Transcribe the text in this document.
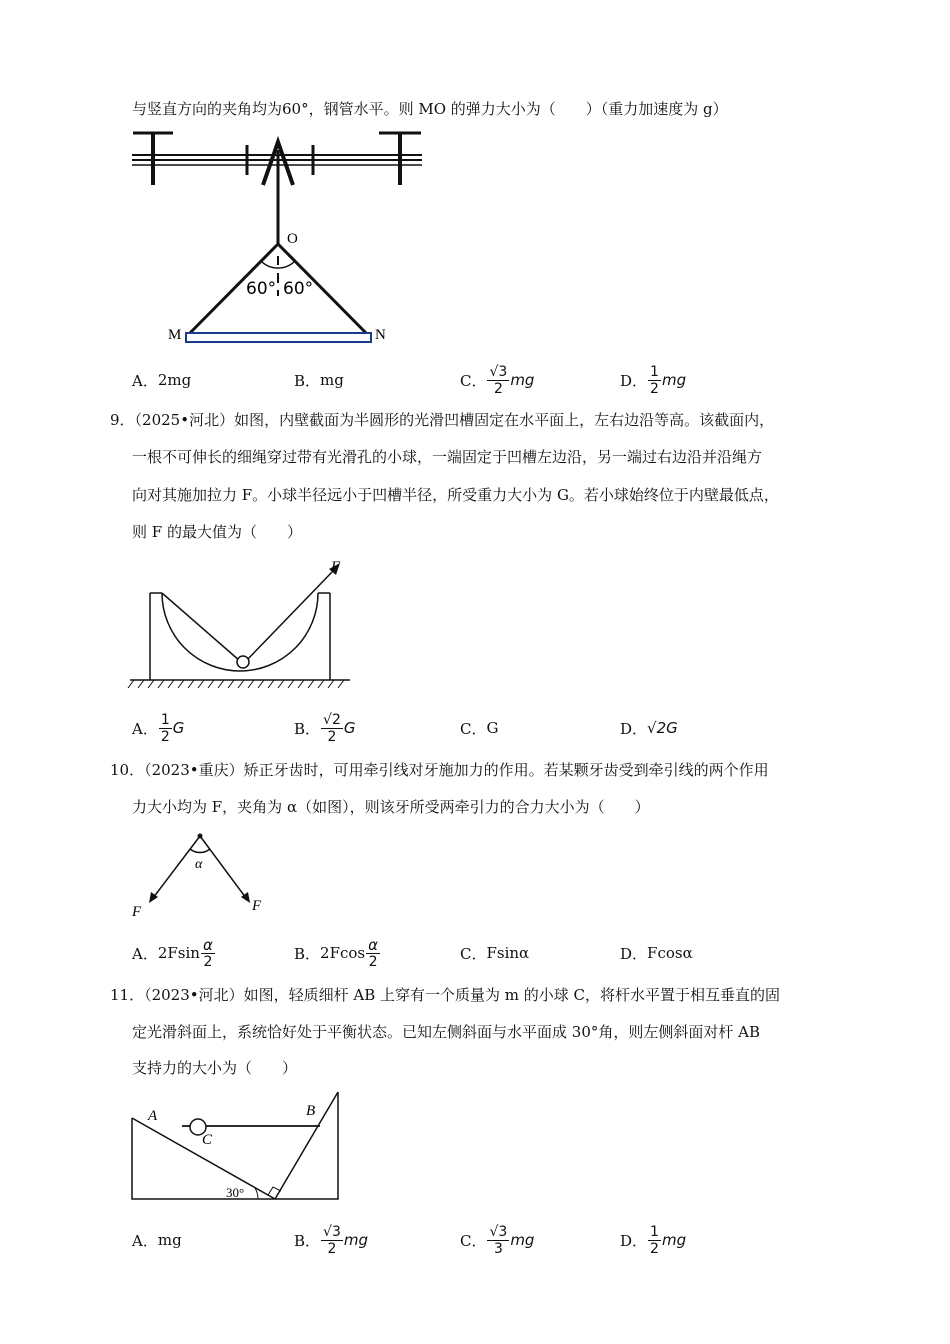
与竖直方向的夹角均为60°，钢管水平。则 MO 的弹力大小为（　　）（重力加速度为 g）
O
M	N
60° 60°
A． 2mg	B． mg	C． $\frac{√3}{2}$ mg	D． $\frac{1}{2}$ mg
9．（2025•河北）如图，内壁截面为半圆形的光滑凹槽固定在水平面上，左右边沿等高。该截面内，
一根不可伸长的细绳穿过带有光滑孔的小球，一端固定于凹槽左边沿，另一端过右边沿并沿绳方
向对其施加拉力 F。小球半径远小于凹槽半径，所受重力大小为 G。若小球始终位于内壁最低点，
则 F 的最大值为（　　）
F
A． $\frac{1}{2}$ G	B． $\frac{√2}{2}$ G	C． G	D． √2G
10．（2023•重庆）矫正牙齿时，可用牵引线对牙施加力的作用。若某颗牙齿受到牵引线的两个作用
力大小均为 F，夹角为 α（如图），则该牙所受两牵引力的合力大小为（　　）
α
F	F
A． $2Fsin \frac{\alpha}{2}$	B． $2Fcos \frac{\alpha}{2}$	C． Fsinα	D． Fcosα
11．（2023•河北）如图，轻质细杆 AB 上穿有一个质量为 m 的小球 C，将杆水平置于相互垂直的固
定光滑斜面上，系统恰好处于平衡状态。已知左侧斜面与水平面成 30°角，则左侧斜面对杆 AB
支持力的大小为（　　）
A	B
C
30°
A． mg	B． $\frac{√3}{2}$ mg	C． $\frac{√3}{3}$ mg	D． $\frac{1}{2}$ mg
